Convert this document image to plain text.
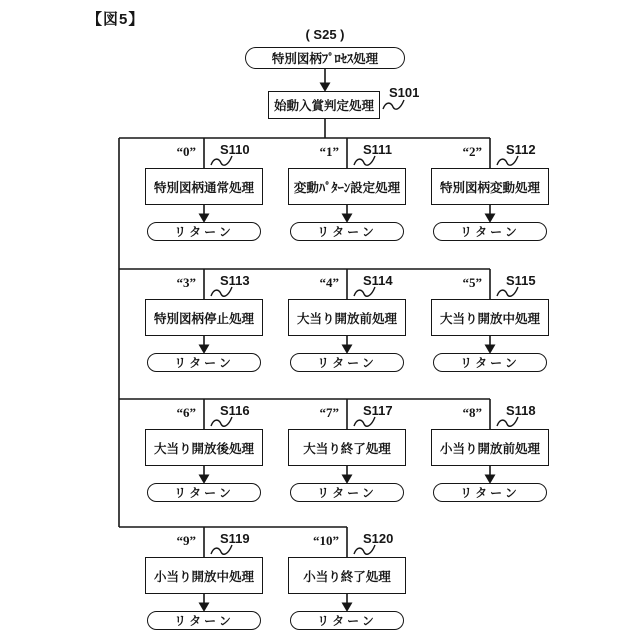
【図5】
( S25 )
特別図柄ﾌﾟﾛｾｽ処理
始動入賞判定処理
S101
“0” S110
特別図柄通常処理
リターン
“1” S111
変動ﾊﾟﾀｰﾝ設定処理
リターン
“2” S112
特別図柄変動処理
リターン
“3” S113
特別図柄停止処理
リターン
“4” S114
大当り開放前処理
リターン
“5” S115
大当り開放中処理
リターン
“6” S116
大当り開放後処理
リターン
“7” S117
大当り終了処理
リターン
“8” S118
小当り開放前処理
リターン
“9” S119
小当り開放中処理
リターン
“10” S120
小当り終了処理
リターン
